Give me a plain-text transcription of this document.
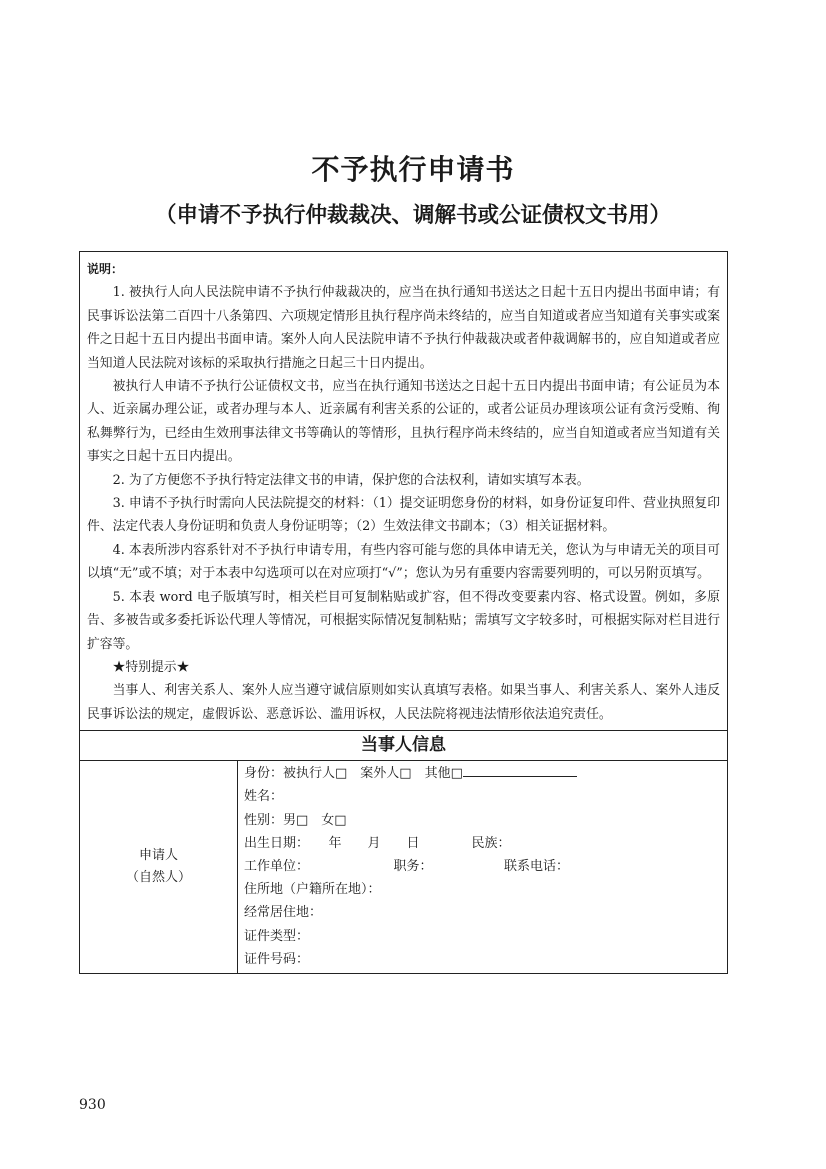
不予执行申请书
（申请不予执行仲裁裁决、调解书或公证债权文书用）
说明：

1. 被执行人向人民法院申请不予执行仲裁裁决的，应当在执行通知书送达之日起十五日内提出书面申请；有民事诉讼法第二百四十八条第四、六项规定情形且执行程序尚未终结的，应当自知道或者应当知道有关事实或案件之日起十五日内提出书面申请。案外人向人民法院申请不予执行仲裁裁决或者仲裁调解书的，应自知道或者应当知道人民法院对该标的采取执行措施之日起三十日内提出。

被执行人申请不予执行公证债权文书，应当在执行通知书送达之日起十五日内提出书面申请；有公证员为本人、近亲属办理公证，或者办理与本人、近亲属有利害关系的公证的，或者公证员办理该项公证有贪污受贿、徇私舞弊行为，已经由生效刑事法律文书等确认的等情形，且执行程序尚未终结的，应当自知道或者应当知道有关事实之日起十五日内提出。

2. 为了方便您不予执行特定法律文书的申请，保护您的合法权利，请如实填写本表。

3. 申请不予执行时需向人民法院提交的材料：（1）提交证明您身份的材料，如身份证复印件、营业执照复印件、法定代表人身份证明和负责人身份证明等；（2）生效法律文书副本；（3）相关证据材料。

4. 本表所涉内容系针对不予执行申请专用，有些内容可能与您的具体申请无关，您认为与申请无关的项目可以填“无”或不填；对于本表中勾选项可以在对应项打“√”；您认为另有重要内容需要列明的，可以另附页填写。

5. 本表 word 电子版填写时，相关栏目可复制粘贴或扩容，但不得改变要素内容、格式设置。例如，多原告、多被告或多委托诉讼代理人等情况，可根据实际情况复制粘贴；需填写文字较多时，可根据实际对栏目进行扩容等。

★特别提示★

当事人、利害关系人、案外人应当遵守诚信原则如实认真填写表格。如果当事人、利害关系人、案外人违反民事诉讼法的规定，虚假诉讼、恶意诉讼、滥用诉权，人民法院将视违法情形依法追究责任。

当事人信息
申请人
（自然人）
身份：被执行人□　案外人□　其他□
姓名：
性别：男□　女□
出生日期：　　年　　月　　日　　　　民族：
工作单位：　　　　　　　职务：　　　　　　联系电话：
住所地（户籍所在地）：
经常居住地：
证件类型：
证件号码：
930
